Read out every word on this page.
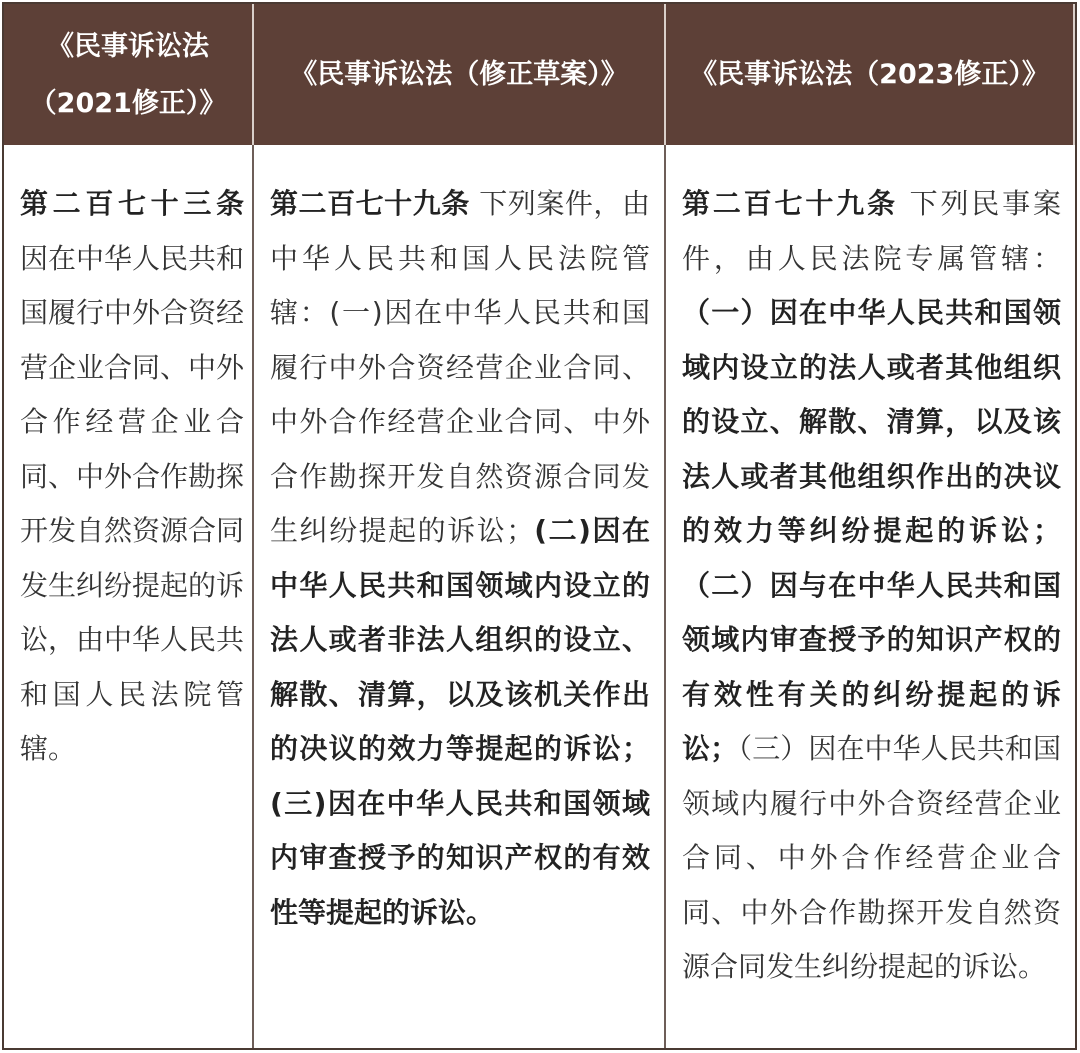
《民事诉讼法（2021修正）》
《民事诉讼法（修正草案）》 《民事诉讼法（2023修正）》
第二百七十三条因在中华人民共和国履行中外合资经营企业合同、中外合作经营企业合同、中外合作勘探开发自然资源合同发生纠纷提起的诉讼，由中华人民共和国人民法院管辖。
第二百七十九条 下列案件，由中华人民共和国人民法院管辖：(一)因在中华人民共和国履行中外合资经营企业合同、中外合作经营企业合同、中外合作勘探开发自然资源合同发生纠纷提起的诉讼；(二)因在中华人民共和国领域内设立的法人或者非法人组织的设立、解散、清算，以及该机关作出的决议的效力等提起的诉讼；(三)因在中华人民共和国领域内审查授予的知识产权的有效性等提起的诉讼。
第二百七十九条 下列民事案件，由人民法院专属管辖：（一）因在中华人民共和国领域内设立的法人或者其他组织的设立、解散、清算，以及该法人或者其他组织作出的决议的效力等纠纷提起的诉讼；（二）因与在中华人民共和国领域内审查授予的知识产权的有效性有关的纠纷提起的诉讼；（三）因在中华人民共和国领域内履行中外合资经营企业合同、中外合作经营企业合同、中外合作勘探开发自然资源合同发生纠纷提起的诉讼。
